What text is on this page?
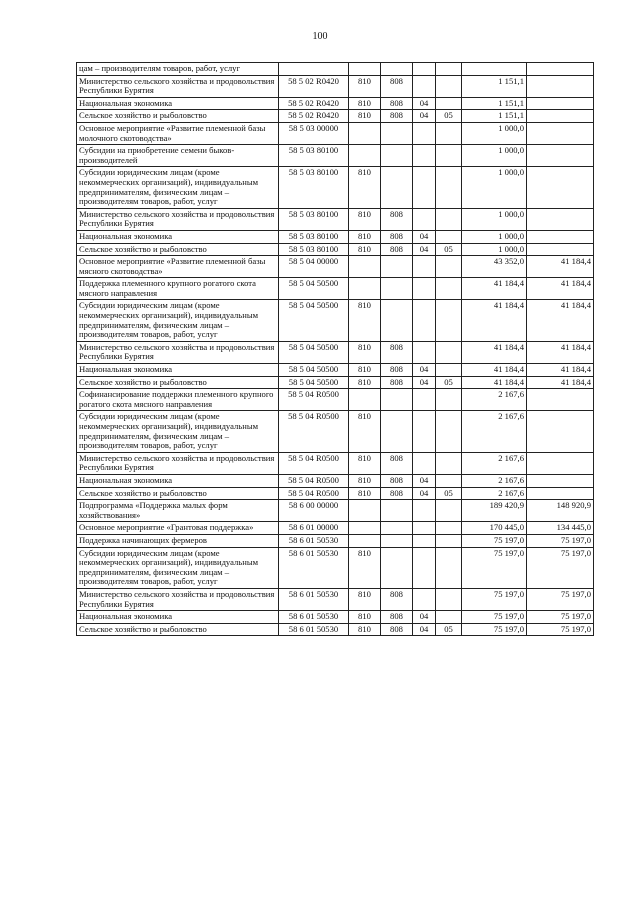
100
цам – производителям товаров, работ, услуг							
Министерство сельского хозяйства и продовольствия Республики Бурятия	58 5 02 R0420	810	808			1 151,1	
Национальная экономика	58 5 02 R0420	810	808	04		1 151,1	
Сельское хозяйство и рыболовство	58 5 02 R0420	810	808	04	05	1 151,1	
Основное мероприятие «Развитие племенной базы молочного скотоводства»	58 5 03 00000					1 000,0	
Субсидии на приобретение семени быков-производителей	58 5 03 80100					1 000,0	
Субсидии юридическим лицам (кроме некоммерческих организаций), индивидуальным предпринимателям, физическим лицам – производителям товаров, работ, услуг	58 5 03 80100	810				1 000,0	
Министерство сельского хозяйства и продовольствия Республики Бурятия	58 5 03 80100	810	808			1 000,0	
Национальная экономика	58 5 03 80100	810	808	04		1 000,0	
Сельское хозяйство и рыболовство	58 5 03 80100	810	808	04	05	1 000,0	
Основное мероприятие «Развитие племенной базы мясного скотоводства»	58 5 04 00000					43 352,0	41 184,4
Поддержка племенного крупного рогатого скота мясного направления	58 5 04 50500					41 184,4	41 184,4
Субсидии юридическим лицам (кроме некоммерческих организаций), индивидуальным предпринимателям, физическим лицам – производителям товаров, работ, услуг	58 5 04 50500	810				41 184,4	41 184,4
Министерство сельского хозяйства и продовольствия Республики Бурятия	58 5 04 50500	810	808			41 184,4	41 184,4
Национальная экономика	58 5 04 50500	810	808	04		41 184,4	41 184,4
Сельское хозяйство и рыболовство	58 5 04 50500	810	808	04	05	41 184,4	41 184,4
Софинансирование поддержки племенного крупного рогатого скота мясного направления	58 5 04 R0500					2 167,6	
Субсидии юридическим лицам (кроме некоммерческих организаций), индивидуальным предпринимателям, физическим лицам – производителям товаров, работ, услуг	58 5 04 R0500	810				2 167,6	
Министерство сельского хозяйства и продовольствия Республики Бурятия	58 5 04 R0500	810	808			2 167,6	
Национальная экономика	58 5 04 R0500	810	808	04		2 167,6	
Сельское хозяйство и рыболовство	58 5 04 R0500	810	808	04	05	2 167,6	
Подпрограмма «Поддержка малых форм хозяйствования»	58 6 00 00000					189 420,9	148 920,9
Основное мероприятие «Грантовая поддержка»	58 6 01 00000					170 445,0	134 445,0
Поддержка начинающих фермеров	58 6 01 50530					75 197,0	75 197,0
Субсидии юридическим лицам (кроме некоммерческих организаций), индивидуальным предпринимателям, физическим лицам – производителям товаров, работ, услуг	58 6 01 50530	810				75 197,0	75 197,0
Министерство сельского хозяйства и продовольствия Республики Бурятия	58 6 01 50530	810	808			75 197,0	75 197,0
Национальная экономика	58 6 01 50530	810	808	04		75 197,0	75 197,0
Сельское хозяйство и рыболовство	58 6 01 50530	810	808	04	05	75 197,0	75 197,0
